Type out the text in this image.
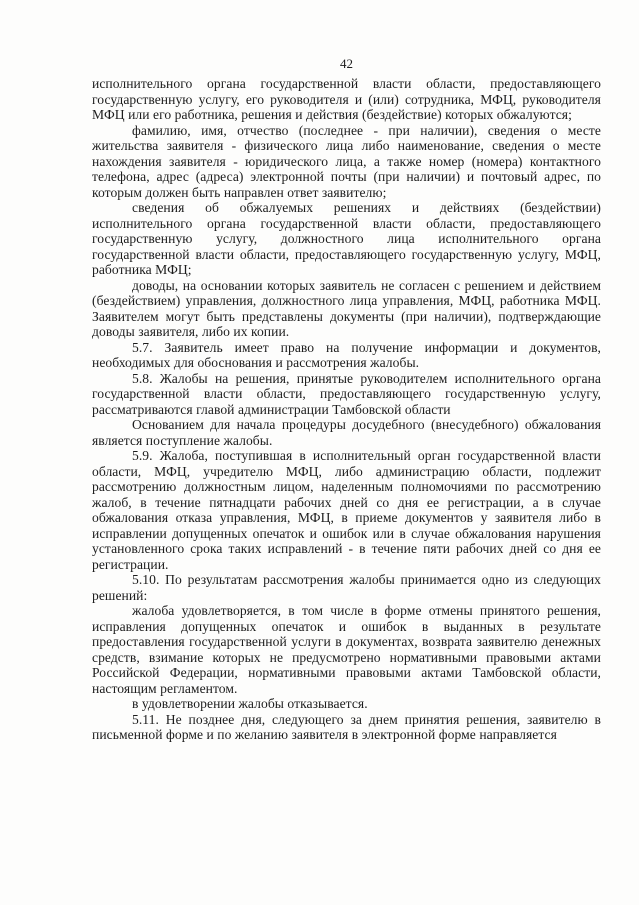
42

исполнительного органа государственной власти области, предоставляющего государственную услугу, его руководителя и (или) сотрудника, МФЦ, руководителя МФЦ или его работника, решения и действия (бездействие) которых обжалуются;

фамилию, имя, отчество (последнее - при наличии), сведения о месте жительства заявителя - физического лица либо наименование, сведения о месте нахождения заявителя - юридического лица, а также номер (номера) контактного телефона, адрес (адреса) электронной почты (при наличии) и почтовый адрес, по которым должен быть направлен ответ заявителю;

сведения об обжалуемых решениях и действиях (бездействии) исполнительного органа государственной власти области, предоставляющего государственную услугу, должностного лица исполнительного органа государственной власти области, предоставляющего государственную услугу, МФЦ, работника МФЦ;

доводы, на основании которых заявитель не согласен с решением и действием (бездействием) управления, должностного лица управления, МФЦ, работника МФЦ. Заявителем могут быть представлены документы (при наличии), подтверждающие доводы заявителя, либо их копии.

5.7. Заявитель имеет право на получение информации и документов, необходимых для обоснования и рассмотрения жалобы.

5.8. Жалобы на решения, принятые руководителем исполнительного органа государственной власти области, предоставляющего государственную услугу, рассматриваются главой администрации Тамбовской области

Основанием для начала процедуры досудебного (внесудебного) обжалования является поступление жалобы.

5.9. Жалоба, поступившая в исполнительный орган государственной власти области, МФЦ, учредителю МФЦ, либо администрацию области, подлежит рассмотрению должностным лицом, наделенным полномочиями по рассмотрению жалоб, в течение пятнадцати рабочих дней со дня ее регистрации, а в случае обжалования отказа управления, МФЦ, в приеме документов у заявителя либо в исправлении допущенных опечаток и ошибок или в случае обжалования нарушения установленного срока таких исправлений - в течение пяти рабочих дней со дня ее регистрации.

5.10. По результатам рассмотрения жалобы принимается одно из следующих решений:

жалоба удовлетворяется, в том числе в форме отмены принятого решения, исправления допущенных опечаток и ошибок в выданных в результате предоставления государственной услуги в документах, возврата заявителю денежных средств, взимание которых не предусмотрено нормативными правовыми актами Российской Федерации, нормативными правовыми актами Тамбовской области, настоящим регламентом.

в удовлетворении жалобы отказывается.

5.11. Не позднее дня, следующего за днем принятия решения, заявителю в письменной форме и по желанию заявителя в электронной форме направляется
